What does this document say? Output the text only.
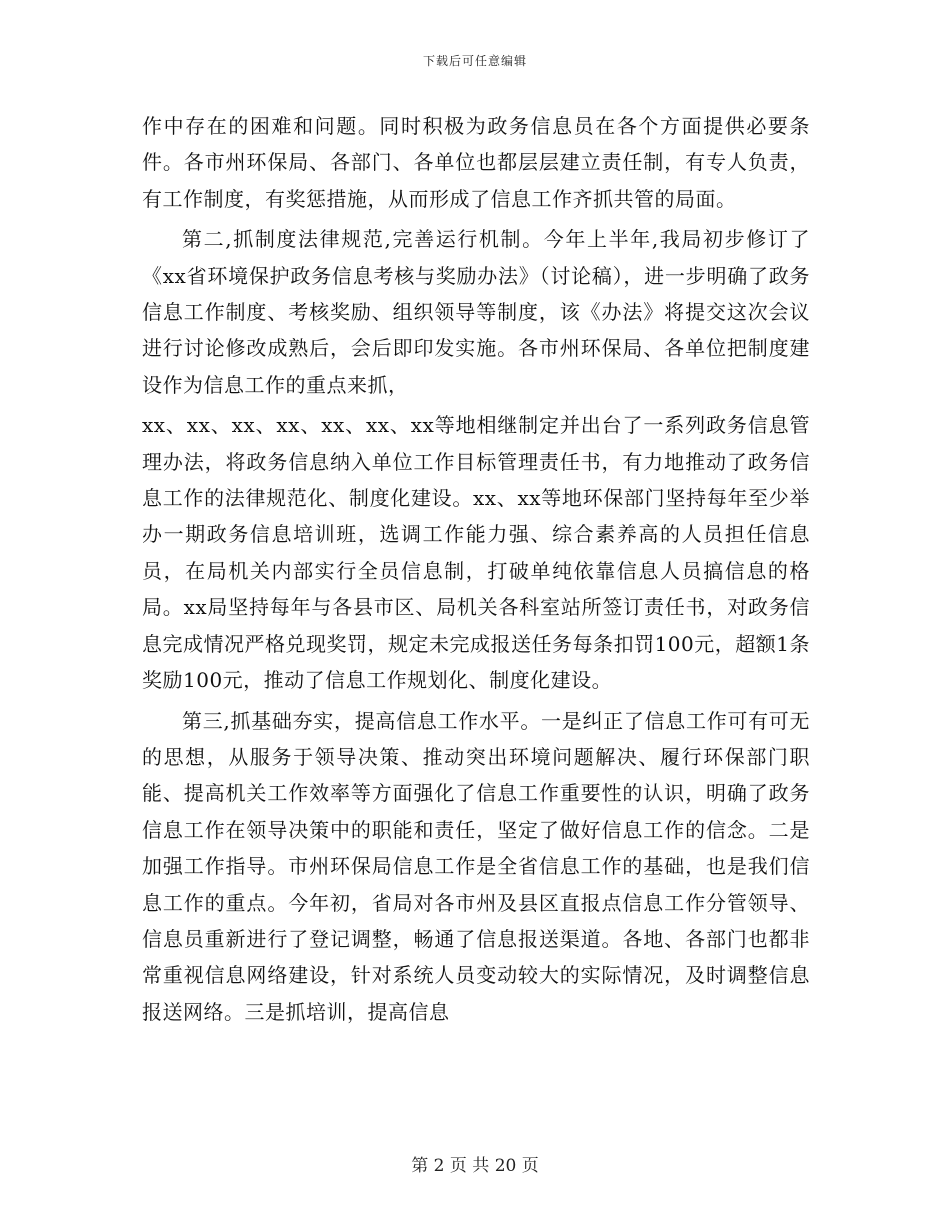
下载后可任意编辑

作中存在的困难和问题。同时积极为政务信息员在各个方面提供必要条件。各市州环保局、各部门、各单位也都层层建立责任制，有专人负责，有工作制度，有奖惩措施，从而形成了信息工作齐抓共管的局面。

第二,抓制度法律规范,完善运行机制。今年上半年,我局初步修订了《xx省环境保护政务信息考核与奖励办法》（讨论稿），进一步明确了政务信息工作制度、考核奖励、组织领导等制度，该《办法》将提交这次会议进行讨论修改成熟后，会后即印发实施。各市州环保局、各单位把制度建设作为信息工作的重点来抓，

xx、xx、xx、xx、xx、xx、xx等地相继制定并出台了一系列政务信息管理办法，将政务信息纳入单位工作目标管理责任书，有力地推动了政务信息工作的法律规范化、制度化建设。xx、xx等地环保部门坚持每年至少举办一期政务信息培训班，选调工作能力强、综合素养高的人员担任信息员，在局机关内部实行全员信息制，打破单纯依靠信息人员搞信息的格局。xx局坚持每年与各县市区、局机关各科室站所签订责任书，对政务信息完成情况严格兑现奖罚，规定未完成报送任务每条扣罚100元，超额1条奖励100元，推动了信息工作规划化、制度化建设。

第三,抓基础夯实，提高信息工作水平。一是纠正了信息工作可有可无的思想，从服务于领导决策、推动突出环境问题解决、履行环保部门职能、提高机关工作效率等方面强化了信息工作重要性的认识，明确了政务信息工作在领导决策中的职能和责任，坚定了做好信息工作的信念。二是加强工作指导。市州环保局信息工作是全省信息工作的基础，也是我们信息工作的重点。今年初，省局对各市州及县区直报点信息工作分管领导、信息员重新进行了登记调整，畅通了信息报送渠道。各地、各部门也都非常重视信息网络建设，针对系统人员变动较大的实际情况，及时调整信息报送网络。三是抓培训，提高信息

第 2 页 共 20 页
